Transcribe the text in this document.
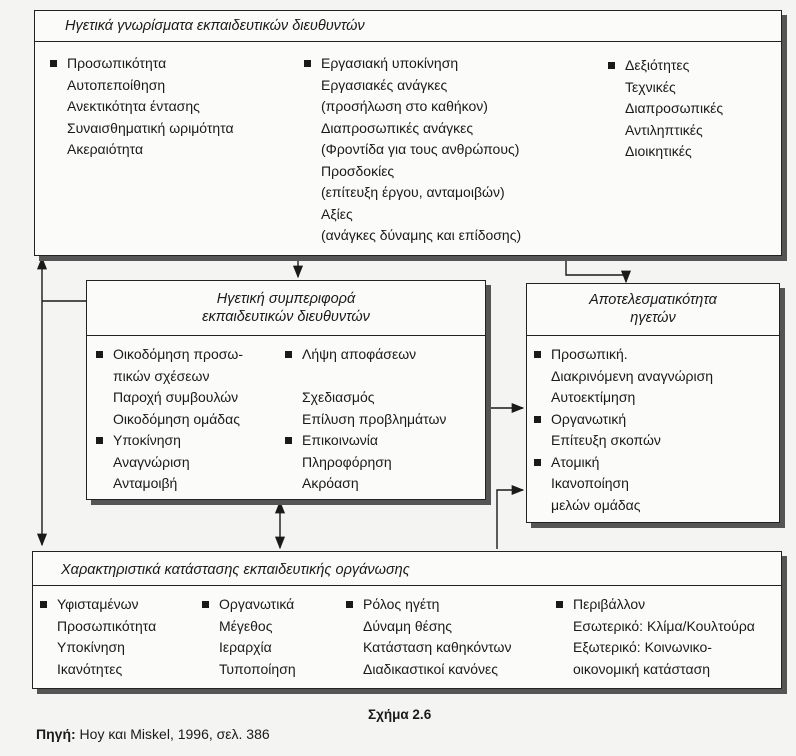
Ηγετικά γνωρίσματα εκπαιδευτικών διευθυντών
Προσωπικότητα
Αυτοπεποίθηση
Ανεκτικότητα έντασης
Συναισθηματική ωριμότητα
Ακεραιότητα
Εργασιακή υποκίνηση
Εργασιακές ανάγκες
(προσήλωση στο καθήκον)
Διαπροσωπικές ανάγκες
(Φροντίδα για τους ανθρώπους)
Προσδοκίες
(επίτευξη έργου, ανταμοιβών)
Αξίες
(ανάγκες δύναμης και επίδοσης)
Δεξιότητες
Τεχνικές
Διαπροσωπικές
Αντιληπτικές
Διοικητικές
Ηγετική συμπεριφορά
εκπαιδευτικών διευθυντών
Οικοδόμηση προσω-
πικών σχέσεων
Παροχή συμβουλών
Οικοδόμηση ομάδας
Υποκίνηση
Αναγνώριση
Ανταμοιβή
Λήψη αποφάσεων
Σχεδιασμός
Επίλυση προβλημάτων
Επικοινωνία
Πληροφόρηση
Ακρόαση
Αποτελεσματικότητα
ηγετών
Προσωπική.
Διακρινόμενη αναγνώριση
Αυτοεκτίμηση
Οργανωτική
Επίτευξη σκοπών
Ατομική
Ικανοποίηση
μελών ομάδας
Χαρακτηριστικά κατάστασης εκπαιδευτικής οργάνωσης
Υφισταμένων
Προσωπικότητα
Υποκίνηση
Ικανότητες
Οργανωτικά
Μέγεθος
Ιεραρχία
Τυποποίηση
Ρόλος ηγέτη
Δύναμη θέσης
Κατάσταση καθηκόντων
Διαδικαστικοί κανόνες
Περιβάλλον
Εσωτερικό: Κλίμα/Κουλτούρα
Εξωτερικό: Κοινωνικο-
οικονομική κατάσταση
Σχήμα 2.6
Πηγή: Hoy και Miskel, 1996, σελ. 386
